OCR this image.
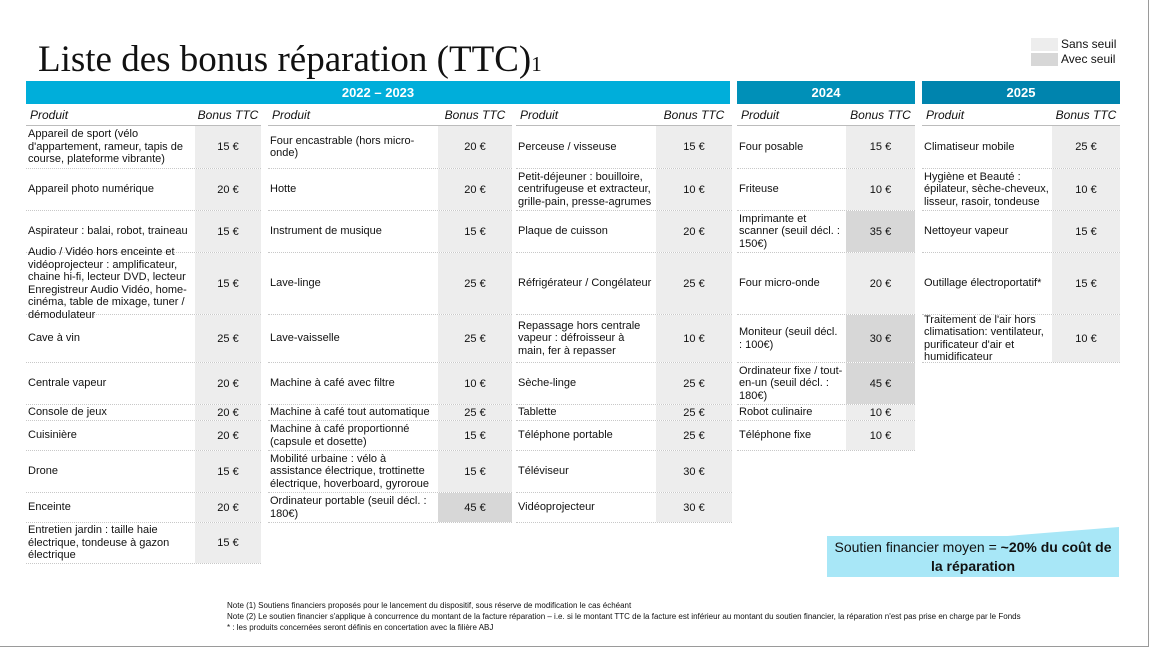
Liste des bonus réparation (TTC)$^1$
Sans seuil
Avec seuil
2022 – 2023	2024	2025
Produit	Bonus TTC
Appareil de sport (vélo d'appartement, rameur, tapis de course, plateforme vibrante)
15 €
Appareil photo numérique	20 €
Aspirateur : balai, robot, traineau	15 €
Audio / Vidéo hors enceinte et vidéoprojecteur : amplificateur, chaine hi-fi, lecteur DVD, lecteur Enregistreur Audio Vidéo, home-cinéma, table de mixage, tuner / démodulateur
15 €
Cave à vin	25 €
Centrale vapeur	20 €
Console de jeux	20 €
Cuisinière	20 €
Drone	15 €
Enceinte	20 €
Entretien jardin : taille haie électrique, tondeuse à gazon électrique
15 €
Produit	Bonus TTC
Four encastrable (hors micro-onde)	20 €
Hotte	20 €
Instrument de musique	15 €
Lave-linge	25 €
Lave-vaisselle	25 €
Machine à café avec filtre	10 €
Machine à café tout automatique	25 €
Machine à café proportionné (capsule et dosette)	15 €
Mobilité urbaine : vélo à assistance électrique, trottinette électrique, hoverboard, gyroroue
15 €
Ordinateur portable (seuil décl. : 180€)	45 €
Produit	Bonus TTC
Perceuse / visseuse	15 €
Petit-déjeuner : bouilloire, centrifugeuse et extracteur, grille-pain, presse-agrumes
10 €
Plaque de cuisson	20 €
Réfrigérateur / Congélateur	25 €
Repassage hors centrale vapeur : défroisseur à main, fer à repasser
10 €
Sèche-linge	25 €
Tablette	25 €
Téléphone portable	25 €
Téléviseur	30 €
Vidéoprojecteur	30 €
Produit	Bonus TTC
Four posable	15 €
Friteuse	10 €
Imprimante et scanner (seuil décl. : 150€)
35 €
Four micro-onde	20 €
Moniteur (seuil décl. : 100€)	30 €
Ordinateur fixe / tout-en-un (seuil décl. : 180€)
45 €
Robot culinaire	10 €
Téléphone fixe	10 €
Produit	Bonus TTC
Climatiseur mobile	25 €
Hygiène et Beauté : épilateur, sèche-cheveux, lisseur, rasoir, tondeuse
10 €
Nettoyeur vapeur	15 €
Outillage électroportatif*	15 €
Traitement de l'air hors climatisation: ventilateur, purificateur d'air et humidificateur
10 €
Soutien financier moyen = ~20% du coût de la réparation
Note (1) Soutiens financiers proposés pour le lancement du dispositif, sous réserve de modification le cas échéant
Note (2) Le soutien financier s'applique à concurrence du montant de la facture réparation – i.e. si le montant TTC de la facture est inférieur au montant du soutien financier, la réparation n'est pas prise en charge par le Fonds
* : les produits concernées seront définis en concertation avec la filière ABJ
